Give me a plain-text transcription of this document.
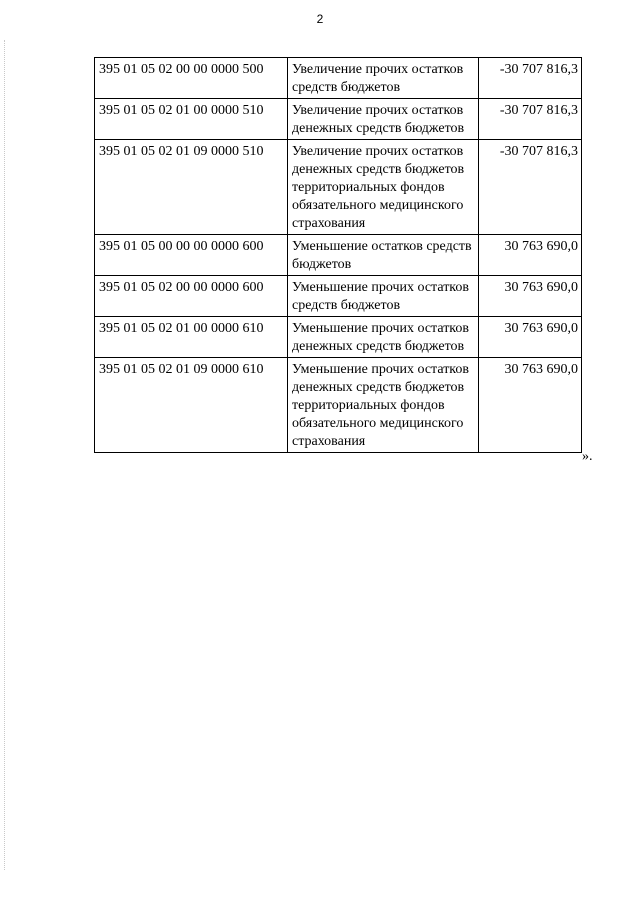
2
395 01 05 02 00 00 0000 500	Увеличение прочих остатков средств бюджетов	-30 707 816,3
395 01 05 02 01 00 0000 510	Увеличение прочих остатков денежных средств бюджетов	-30 707 816,3
395 01 05 02 01 09 0000 510	Увеличение прочих остатков денежных средств бюджетов территориальных фондов обязательного медицинского страхования	-30 707 816,3
395 01 05 00 00 00 0000 600	Уменьшение остатков средств бюджетов	30 763 690,0
395 01 05 02 00 00 0000 600	Уменьшение прочих остатков средств бюджетов	30 763 690,0
395 01 05 02 01 00 0000 610	Уменьшение прочих остатков денежных средств бюджетов	30 763 690,0
395 01 05 02 01 09 0000 610	Уменьшение прочих остатков денежных средств бюджетов территориальных фондов обязательного медицинского страхования	30 763 690,0
».
